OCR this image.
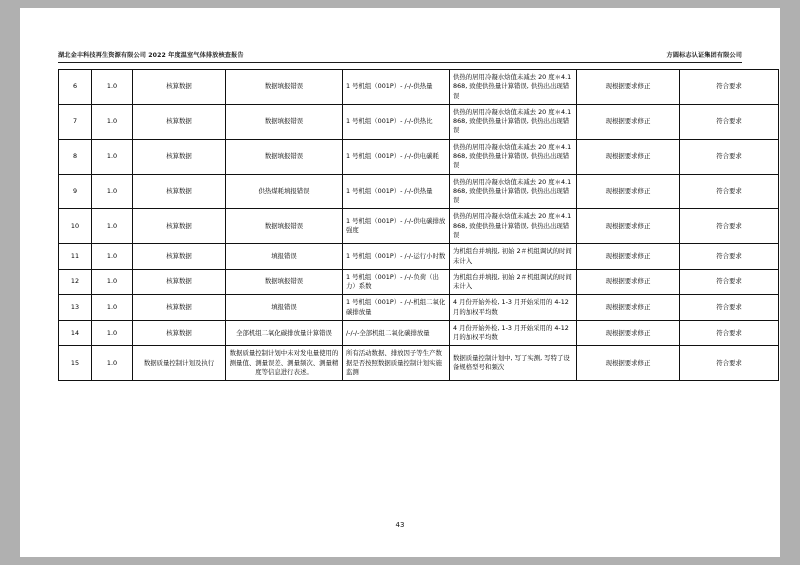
湖北金丰科技再生资源有限公司 2022 年度温室气体排放核查报告	方圆标志认证集团有限公司
6	1.0	核算数据	数据填报错误	1 号机组（001P）- /-/-供热量	供热的居用冷凝水焓值未减去 20 度＊4.1868, 致使供热量计算错误, 供热出出现错误	现根据要求修正	符合要求
7	1.0	核算数据	数据填报错误	1 号机组（001P）- /-/-供热比	供热的居用冷凝水焓值未减去 20 度＊4.1868, 致使供热量计算错误, 供热出出现错误	现根据要求修正	符合要求
8	1.0	核算数据	数据填报错误	1 号机组（001P）- /-/-供电碳耗	供热的居用冷凝水焓值未减去 20 度＊4.1868, 致使供热量计算错误, 供热出出现错误	现根据要求修正	符合要求
9	1.0	核算数据	供热煤耗填报错误	1 号机组（001P）- /-/-供热量	供热的居用冷凝水焓值未减去 20 度＊4.1868, 致使供热量计算错误, 供热出出现错误	现根据要求修正	符合要求
10	1.0	核算数据	数据填报错误	1 号机组（001P）- /-/-供电碳排放强度	供热的居用冷凝水焓值未减去 20 度＊4.1868, 致使供热量计算错误, 供热出出现错误	现根据要求修正	符合要求
11	1.0	核算数据	填报错误	1 号机组（001P）- /-/-运行小时数	为机组台并填报, 初始 2＃机组调试的时间未计入	现根据要求修正	符合要求
12	1.0	核算数据	数据填报错误	1 号机组（001P）- /-/-负荷（出力）系数	为机组台并填报, 初始 2＃机组调试的时间未计入	现根据要求修正	符合要求
13	1.0	核算数据	填报错误	1 号机组（001P）- /-/-机组二氧化碳排放量	4 月份开始外检, 1-3 月开始采用的 4-12 月的加权平均数	现根据要求修正	符合要求
14	1.0	核算数据	全部机组二氧化碳排放量计算错误	/-/-/-全部机组二氧化碳排放量	4 月份开始外检, 1-3 月开始采用的 4-12 月的加权平均数	现根据要求修正	符合要求
15	1.0	数据质量控制计划及执行	数据质量控制计划中未对发电量使用的测量值、测量误差、测量频次、测量精度等信息进行表述。	所有活动数据、排放因子等生产数据是否按照数据质量控制计划实施监测	数据质量控制计划中, 写了实测, 写特了设备规格型号和频次	现根据要求修正	符合要求
43
